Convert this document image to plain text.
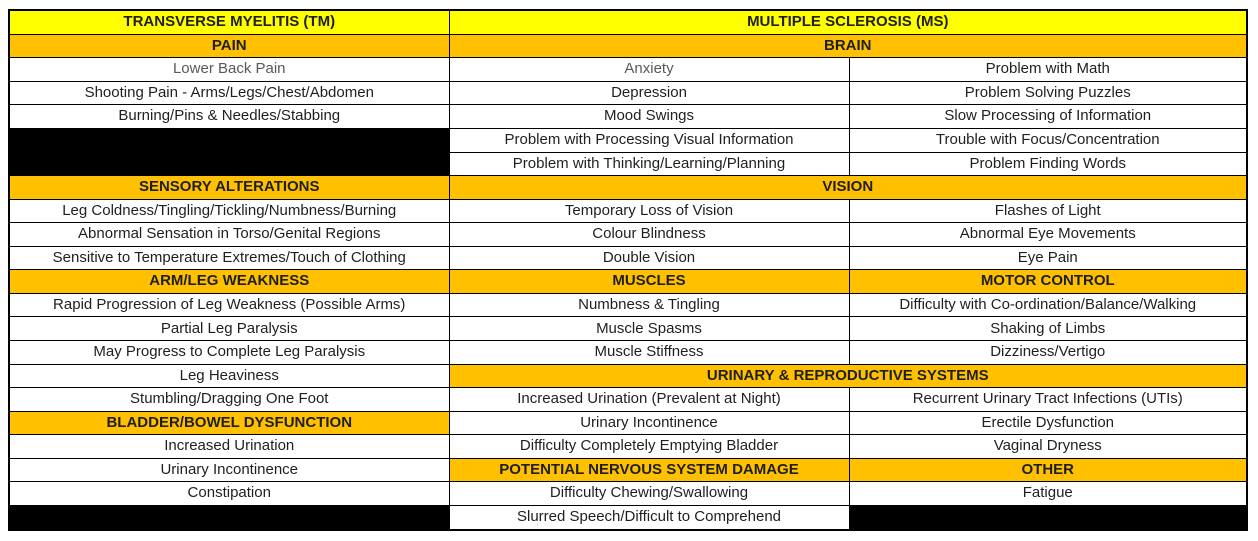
TRANSVERSE MYELITIS (TM)	MULTIPLE SCLEROSIS (MS)	
PAIN	BRAIN	
Lower Back Pain	Anxiety	Problem with Math
Shooting Pain - Arms/Legs/Chest/Abdomen	Depression	Problem Solving Puzzles
Burning/Pins & Needles/Stabbing	Mood Swings	Slow Processing of Information
	Problem with Processing Visual Information	Trouble with Focus/Concentration
	Problem with Thinking/Learning/Planning	Problem Finding Words
SENSORY ALTERATIONS	VISION	
Leg Coldness/Tingling/Tickling/Numbness/Burning	Temporary Loss of Vision	Flashes of Light
Abnormal Sensation in Torso/Genital Regions	Colour Blindness	Abnormal Eye Movements
Sensitive to Temperature Extremes/Touch of Clothing	Double Vision	Eye Pain
ARM/LEG WEAKNESS	MUSCLES	MOTOR CONTROL
Rapid Progression of Leg Weakness (Possible Arms)	Numbness & Tingling	Difficulty with Co-ordination/Balance/Walking
Partial Leg Paralysis	Muscle Spasms	Shaking of Limbs
May Progress to Complete Leg Paralysis	Muscle Stiffness	Dizziness/Vertigo
Leg Heaviness	URINARY & REPRODUCTIVE SYSTEMS	
Stumbling/Dragging One Foot	Increased Urination (Prevalent at Night)	Recurrent Urinary Tract Infections (UTIs)
BLADDER/BOWEL DYSFUNCTION	Urinary Incontinence	Erectile Dysfunction
Increased Urination	Difficulty Completely Emptying Bladder	Vaginal Dryness
Urinary Incontinence	POTENTIAL NERVOUS SYSTEM DAMAGE	OTHER
Constipation	Difficulty Chewing/Swallowing	Fatigue
	Slurred Speech/Difficult to Comprehend	
